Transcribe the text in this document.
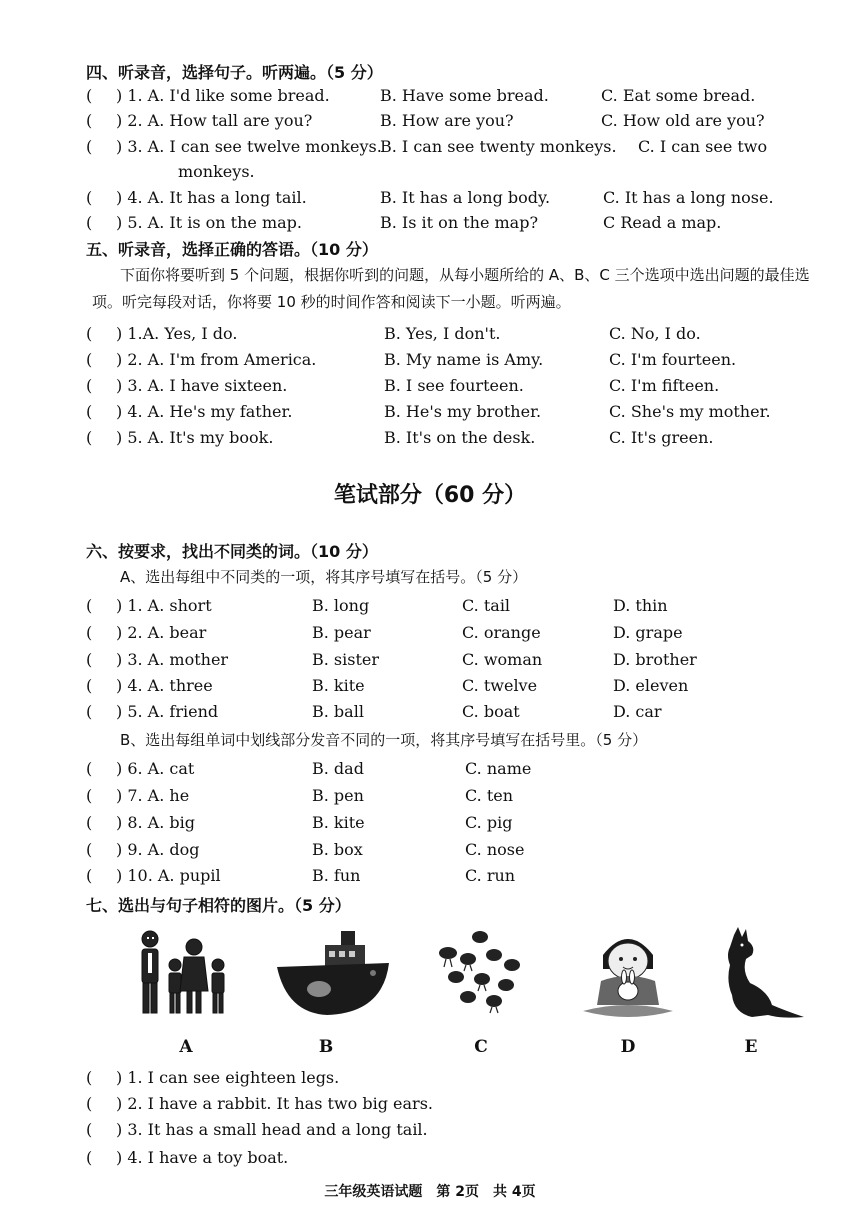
四、听录音，选择句子。听两遍。（5 分）
( ) 1. A. I'd like some bread.	B. Have some bread.	C. Eat some bread.
( ) 2. A. How tall are you?	B. How are you?	C. How old are you?
( ) 3. A. I can see twelve monkeys.
B. I can see twenty monkeys. C. I can see two
monkeys.
( ) 4. A. It has a long tail.	B. It has a long body.	C. It has a long nose.
( ) 5. A. It is on the map.	B. Is it on the map?	C Read a map.
五、听录音，选择正确的答语。（10 分）
下面你将要听到 5 个问题，根据你听到的问题，从每小题所给的 A、B、C 三个选项中选出问题的最佳选项。听完每段对话，你将要 10 秒的时间作答和阅读下一小题。听两遍。
( ) 1.A. Yes, I do.	B. Yes, I don't.	C. No, I do.
( ) 2. A. I'm from America.	B. My name is Amy.	C. I'm fourteen.
( ) 3. A. I have sixteen.	B. I see fourteen.	C. I'm fifteen.
( ) 4. A. He's my father.	B. He's my brother.	C. She's my mother.
( ) 5. A. It's my book.	B. It's on the desk.	C. It's green.
笔试部分（60 分）
六、按要求，找出不同类的词。（10 分）
A、选出每组中不同类的一项，将其序号填写在括号。（5 分）
( ) 1. A. short	B. long	C. tail	D. thin
( ) 2. A. bear	B. pear	C. orange	D. grape
( ) 3. A. mother	B. sister	C. woman	D. brother
( ) 4. A. three	B. kite	C. twelve	D. eleven
( ) 5. A. friend	B. ball	C. boat	D. car
B、选出每组单词中划线部分发音不同的一项，将其序号填写在括号里。（5 分）
( ) 6. A. cat	B. dad	C. name
( ) 7. A. he	B. pen	C. ten
( ) 8. A. big	B. kite	C. pig
( ) 9. A. dog	B. box	C. nose
( ) 10. A. pupil	B. fun	C. run
七、选出与句子相符的图片。（5 分）
A	B	C	D	E
( ) 1. I can see eighteen legs.
( ) 2. I have a rabbit. It has two big ears.
( ) 3. It has a small head and a long tail.
( ) 4. I have a toy boat.
三年级英语试题　第 2页　共 4页
